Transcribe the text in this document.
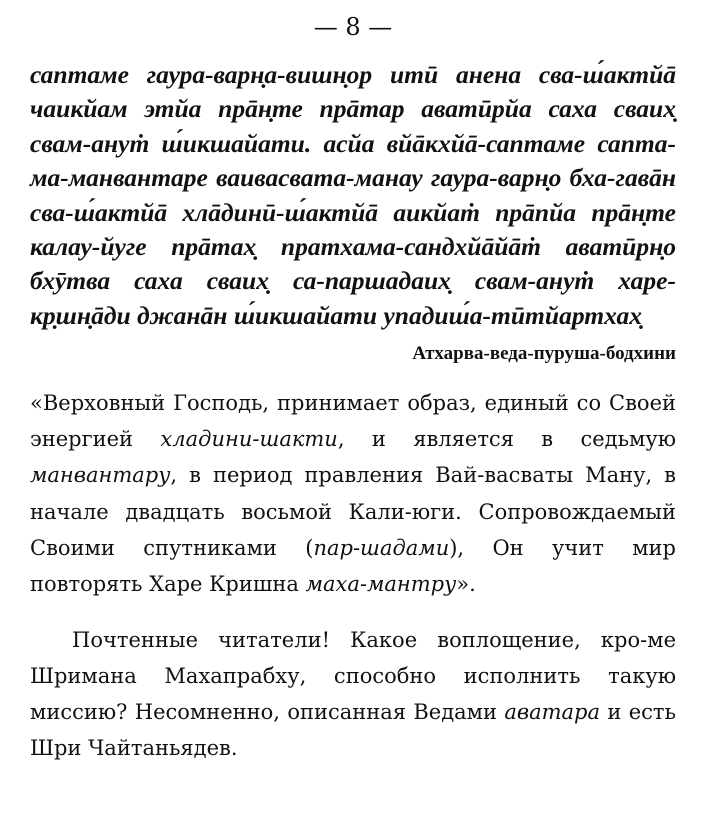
— 8 —
саптаме гаура-варн̣а-вишн̣ор итӣ анена сва-ш́актйā чаикйам этйа прāн̣те прāтар аватӣрйа саха сваих̣ свам-ануṁ ш́икшайати. асйа вйāкхйā-саптаме сапта-ма-манвантаре ваивасвата-манау гаура-варн̣о бха-гавāн сва-ш́актйā хлāдинӣ-ш́актйā аикйаṁ прāпйа прāн̣те калау-йуге прāтах̣ пратхама-сандхйāйāṁ аватӣрн̣о бхӯтва саха сваих̣ са-паршадаих̣ свам-ануṁ харе-кр̣шн̣āди джанāн ш́икшайати упадиш́а-тӣтйартхах̣
Атхарва-веда-пуруша-бодхини
«Верховный Господь, принимает образ, единый со Своей энергией хладини-шакти, и является в седьмую манвантару, в период правления Вай-васваты Ману, в начале двадцать восьмой Кали-юги. Сопровождаемый Своими спутниками (пар-шадами), Он учит мир повторять Харе Кришна маха-мантру».
Почтенные читатели! Какое воплощение, кро-ме Шримана Махапрабху, способно исполнить такую миссию? Несомненно, описанная Ведами аватара и есть Шри Чайтаньядев.
